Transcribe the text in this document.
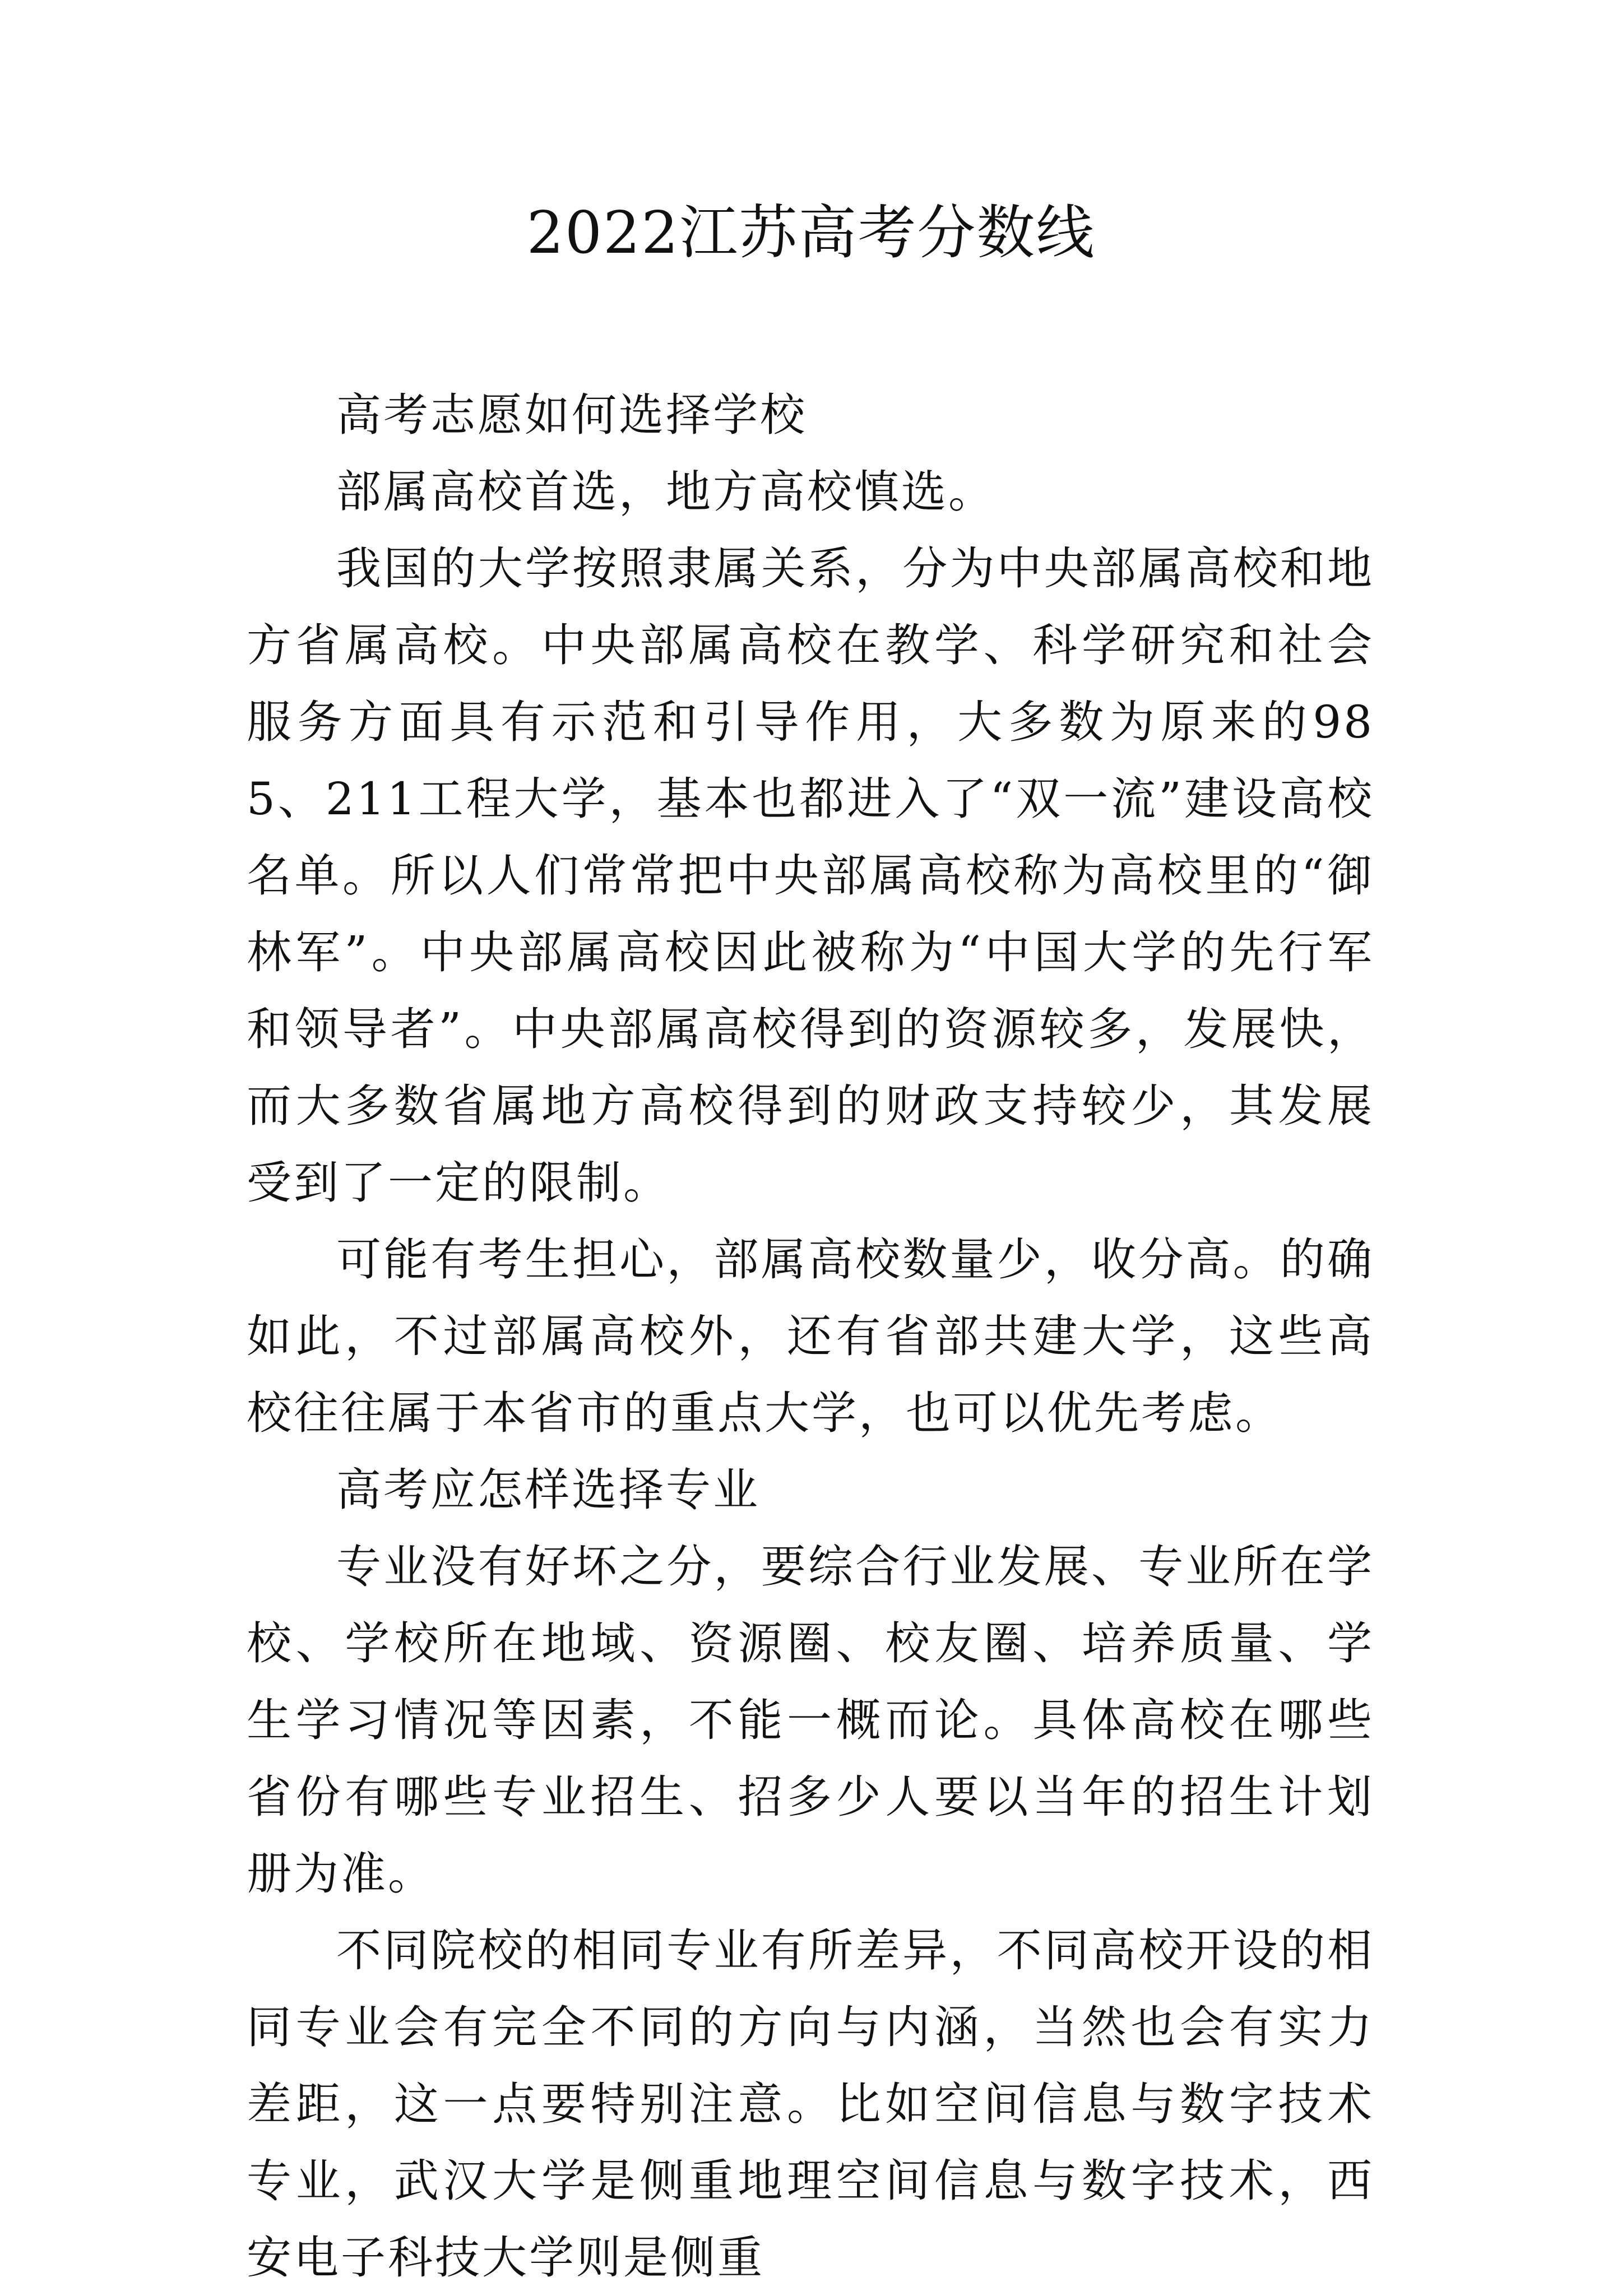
2022江苏高考分数线

高考志愿如何选择学校

部属高校首选，地方高校慎选。

我国的大学按照隶属关系，分为中央部属高校和地方省属高校。中央部属高校在教学、科学研究和社会服务方面具有示范和引导作用，大多数为原来的985、211工程大学，基本也都进入了“双一流”建设高校名单。所以人们常常把中央部属高校称为高校里的“御林军”。中央部属高校因此被称为“中国大学的先行军和领导者”。中央部属高校得到的资源较多，发展快，而大多数省属地方高校得到的财政支持较少，其发展受到了一定的限制。

可能有考生担心，部属高校数量少，收分高。的确如此，不过部属高校外，还有省部共建大学，这些高校往往属于本省市的重点大学，也可以优先考虑。

高考应怎样选择专业

专业没有好坏之分，要综合行业发展、专业所在学校、学校所在地域、资源圈、校友圈、培养质量、学生学习情况等因素，不能一概而论。具体高校在哪些省份有哪些专业招生、招多少人要以当年的招生计划册为准。

不同院校的相同专业有所差异，不同高校开设的相同专业会有完全不同的方向与内涵，当然也会有实力差距，这一点要特别注意。比如空间信息与数字技术专业，武汉大学是侧重地理空间信息与数字技术，西安电子科技大学则是侧重
